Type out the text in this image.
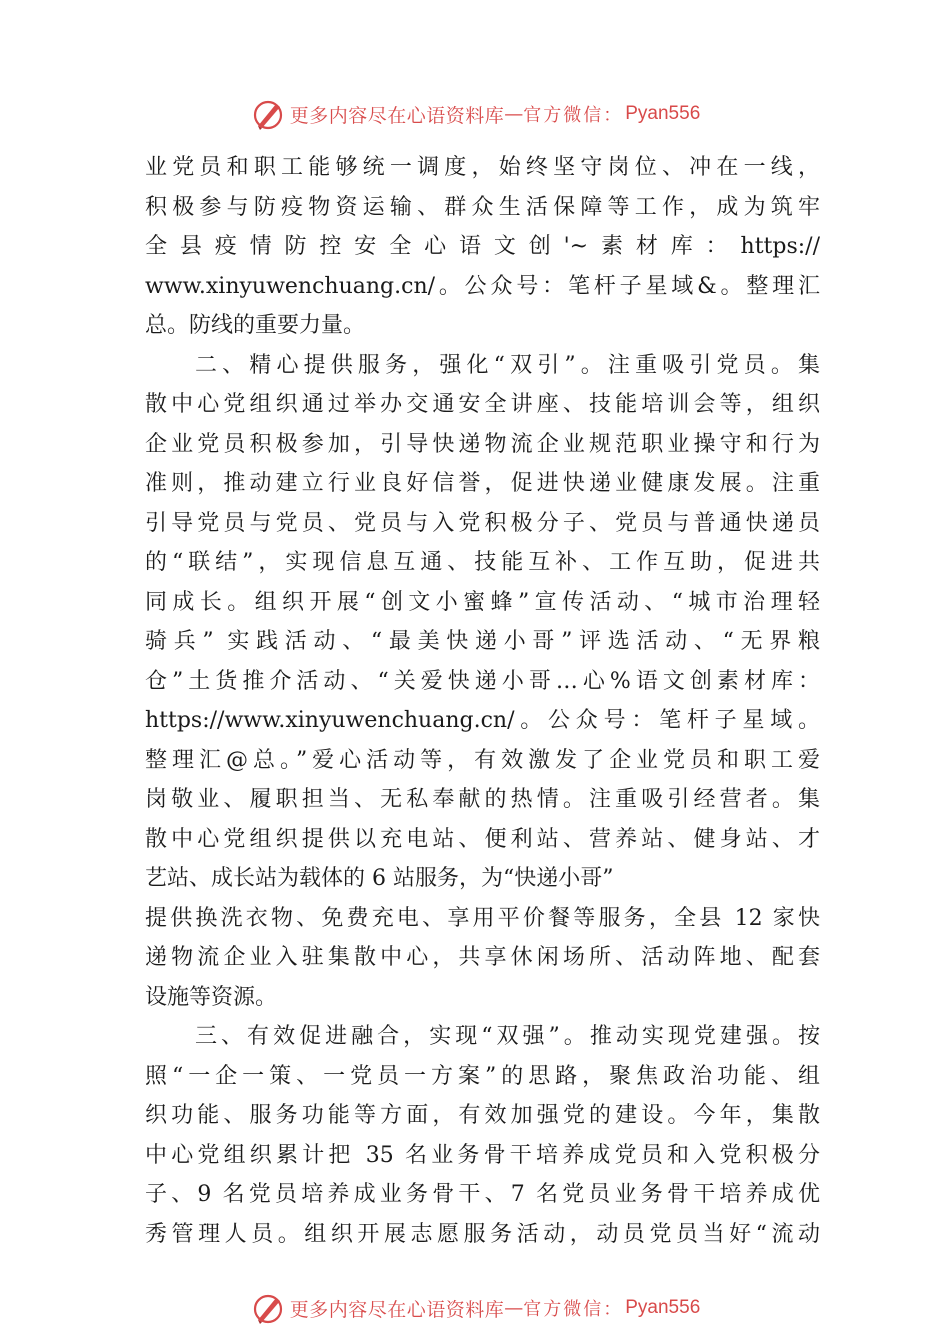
更多内容尽在心语资料库 — 官方微信： Pyan556
业党员和职工能够统一调度，始终坚守岗位、冲在一线，
积极参与防疫物资运输、群众生活保障等工作，成为筑牢
全县疫情防控安全心语文创'~素材库：https://
www.xinyuwenchuang.cn/。公众号：笔杆子星域&。整理汇
总。防线的重要力量。
二、精心提供服务，强化“双引”。注重吸引党员。集
散中心党组织通过举办交通安全讲座、技能培训会等，组织
企业党员积极参加，引导快递物流企业规范职业操守和行为
准则，推动建立行业良好信誉，促进快递业健康发展。注重
引导党员与党员、党员与入党积极分子、党员与普通快递员
的“联结”，实现信息互通、技能互补、工作互助，促进共
同成长。组织开展“创文小蜜蜂”宣传活动、“城市治理轻
骑兵” 实践活动、“最美快递小哥”评选活动、“无界粮
仓”土货推介活动、“关爱快递小哥…心%语文创素材库：
https://www.xinyuwenchuang.cn/。公众号：笔杆子星域。
整理汇@总。”爱心活动等，有效激发了企业党员和职工爱
岗敬业、履职担当、无私奉献的热情。注重吸引经营者。集
散中心党组织提供以充电站、便利站、营养站、健身站、才
艺站、成长站为载体的 6 站服务，为“快递小哥”
提供换洗衣物、免费充电、享用平价餐等服务，全县 12 家快
递物流企业入驻集散中心，共享休闲场所、活动阵地、配套
设施等资源。
三、有效促进融合，实现“双强”。推动实现党建强。按
照“一企一策、一党员一方案”的思路，聚焦政治功能、组
织功能、服务功能等方面，有效加强党的建设。今年，集散
中心党组织累计把 35 名业务骨干培养成党员和入党积极分
子、9 名党员培养成业务骨干、7 名党员业务骨干培养成优
秀管理人员。组织开展志愿服务活动，动员党员当好“流动
更多内容尽在心语资料库 — 官方微信： Pyan556
